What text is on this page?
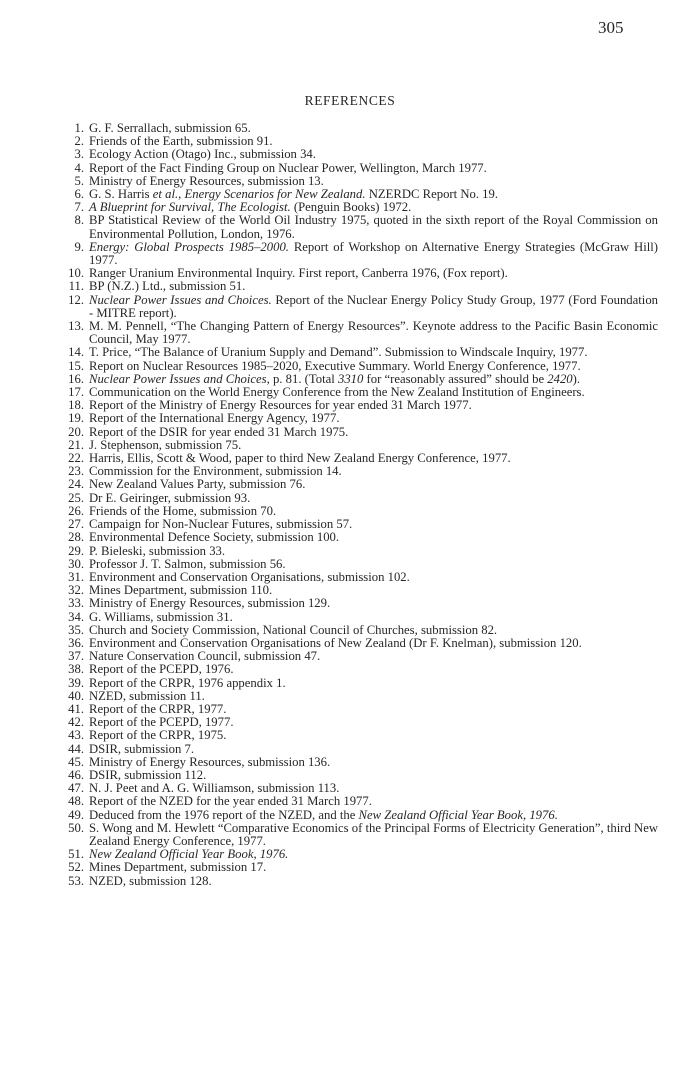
305
REFERENCES
1. G. F. Serrallach, submission 65.
2. Friends of the Earth, submission 91.
3. Ecology Action (Otago) Inc., submission 34.
4. Report of the Fact Finding Group on Nuclear Power, Wellington, March 1977.
5. Ministry of Energy Resources, submission 13.
6. G. S. Harris et al., Energy Scenarios for New Zealand. NZERDC Report No. 19.
7. A Blueprint for Survival, The Ecologist. (Penguin Books) 1972.
8. BP Statistical Review of the World Oil Industry 1975, quoted in the sixth report of the Royal Commission on Environmental Pollution, London, 1976.
9. Energy: Global Prospects 1985–2000. Report of Workshop on Alternative Energy Strategies (McGraw Hill) 1977.
10. Ranger Uranium Environmental Inquiry. First report, Canberra 1976, (Fox report).
11. BP (N.Z.) Ltd., submission 51.
12. Nuclear Power Issues and Choices. Report of the Nuclear Energy Policy Study Group, 1977 (Ford Foundation - MITRE report).
13. M. M. Pennell, “The Changing Pattern of Energy Resources”. Keynote address to the Pacific Basin Economic Council, May 1977.
14. T. Price, “The Balance of Uranium Supply and Demand”. Submission to Windscale Inquiry, 1977.
15. Report on Nuclear Resources 1985–2020, Executive Summary. World Energy Conference, 1977.
16. Nuclear Power Issues and Choices, p. 81. (Total 3310 for “reasonably assured” should be 2420).
17. Communication on the World Energy Conference from the New Zealand Institution of Engineers.
18. Report of the Ministry of Energy Resources for year ended 31 March 1977.
19. Report of the International Energy Agency, 1977.
20. Report of the DSIR for year ended 31 March 1975.
21. J. Stephenson, submission 75.
22. Harris, Ellis, Scott & Wood, paper to third New Zealand Energy Conference, 1977.
23. Commission for the Environment, submission 14.
24. New Zealand Values Party, submission 76.
25. Dr E. Geiringer, submission 93.
26. Friends of the Home, submission 70.
27. Campaign for Non-Nuclear Futures, submission 57.
28. Environmental Defence Society, submission 100.
29. P. Bieleski, submission 33.
30. Professor J. T. Salmon, submission 56.
31. Environment and Conservation Organisations, submission 102.
32. Mines Department, submission 110.
33. Ministry of Energy Resources, submission 129.
34. G. Williams, submission 31.
35. Church and Society Commission, National Council of Churches, submission 82.
36. Environment and Conservation Organisations of New Zealand (Dr F. Knelman), submission 120.
37. Nature Conservation Council, submission 47.
38. Report of the PCEPD, 1976.
39. Report of the CRPR, 1976 appendix 1.
40. NZED, submission 11.
41. Report of the CRPR, 1977.
42. Report of the PCEPD, 1977.
43. Report of the CRPR, 1975.
44. DSIR, submission 7.
45. Ministry of Energy Resources, submission 136.
46. DSIR, submission 112.
47. N. J. Peet and A. G. Williamson, submission 113.
48. Report of the NZED for the year ended 31 March 1977.
49. Deduced from the 1976 report of the NZED, and the New Zealand Official Year Book, 1976.
50. S. Wong and M. Hewlett “Comparative Economics of the Principal Forms of Electricity Generation”, third New Zealand Energy Conference, 1977.
51. New Zealand Official Year Book, 1976.
52. Mines Department, submission 17.
53. NZED, submission 128.
